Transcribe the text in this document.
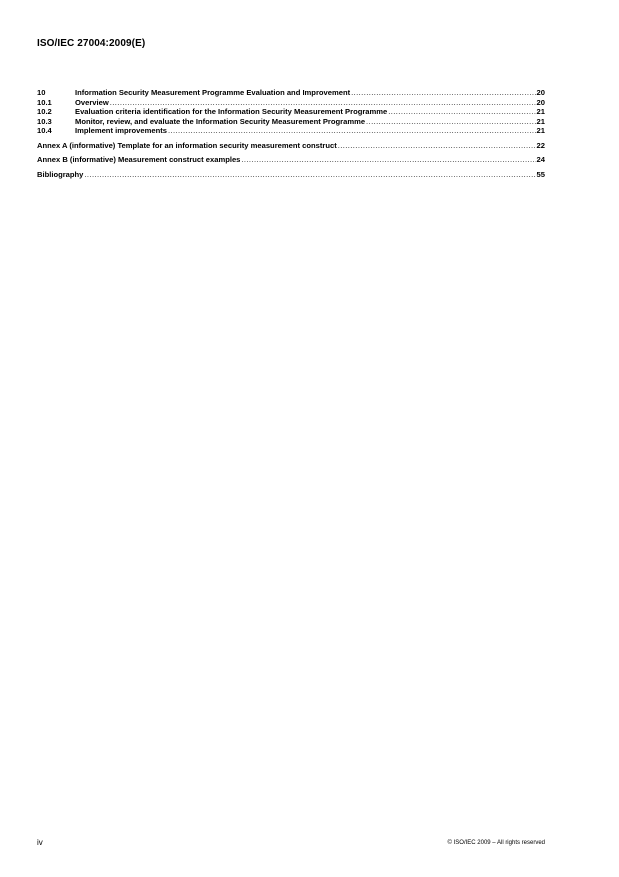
ISO/IEC 27004:2009(E)
10	Information Security Measurement Programme Evaluation and Improvement .....	20
10.1	Overview .....	20
10.2	Evaluation criteria identification for the Information Security Measurement Programme .....	21
10.3	Monitor, review, and evaluate the Information Security Measurement Programme .....	21
10.4	Implement improvements .....	21
Annex A (informative) Template for an information security measurement construct .....	22
Annex B (informative) Measurement construct examples .....	24
Bibliography .....	55
iv	© ISO/IEC 2009 – All rights reserved
